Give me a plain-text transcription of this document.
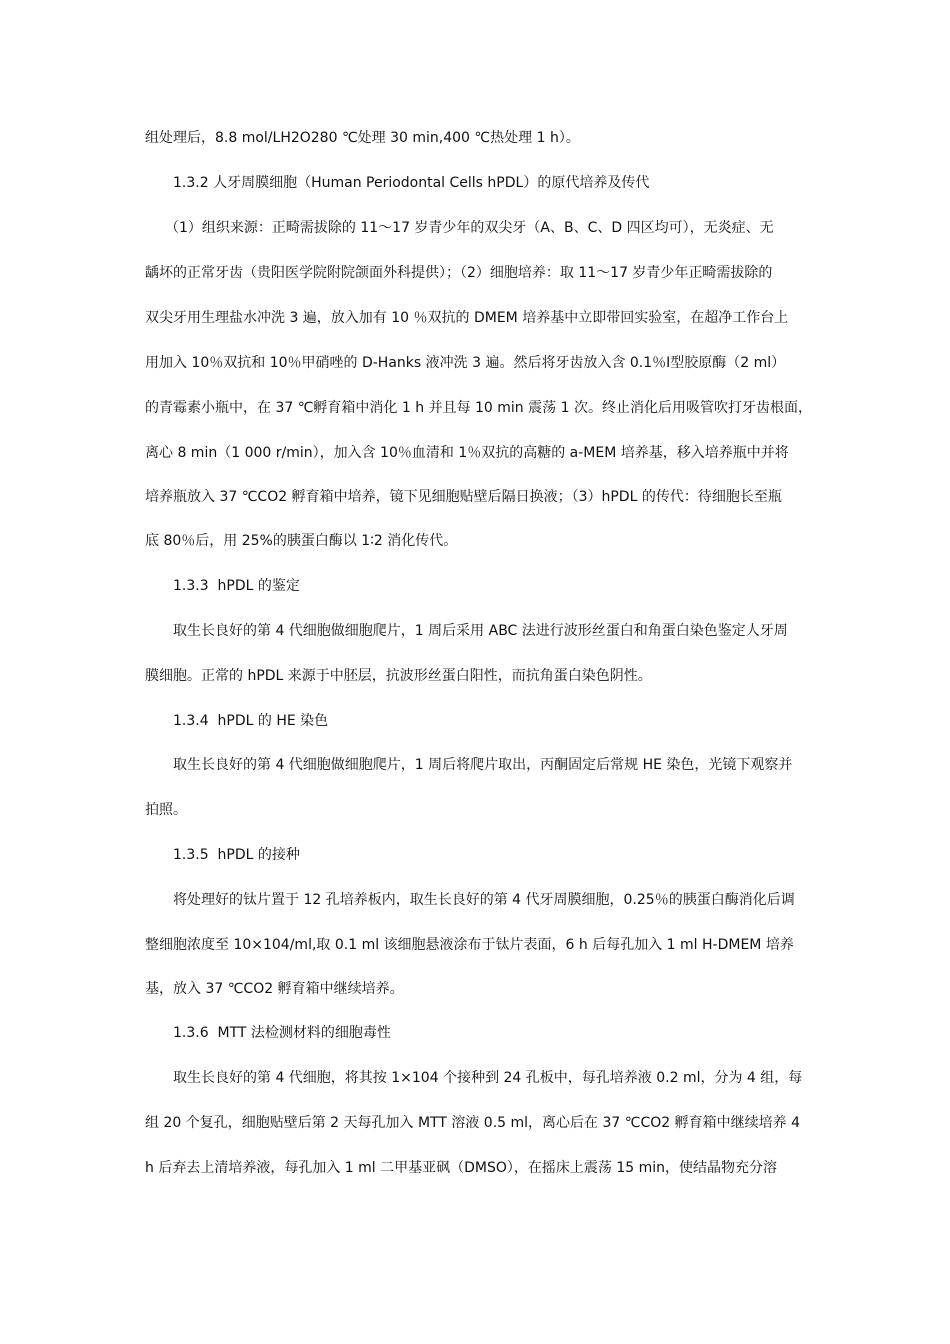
组处理后，8.8 mol/LH2O280 ℃处理 30 min,400 ℃热处理 1 h）。
1.3.2 人牙周膜细胞（Human Periodontal Cells hPDL）的原代培养及传代
（1）组织来源：正畸需拔除的 11～17 岁青少年的双尖牙（A、B、C、D 四区均可），无炎症、无
龋坏的正常牙齿（贵阳医学院附院颌面外科提供）；（2）细胞培养：取 11～17 岁青少年正畸需拔除的
双尖牙用生理盐水冲洗 3 遍，放入加有 10 ％双抗的 DMEM 培养基中立即带回实验室，在超净工作台上
用加入 10％双抗和 10％甲硝唑的 D-Hanks 液冲洗 3 遍。然后将牙齿放入含 0.1％Ⅰ型胶原酶（2 ml）
的青霉素小瓶中，在 37 ℃孵育箱中消化 1 h 并且每 10 min 震荡 1 次。终止消化后用吸管吹打牙齿根面，
离心 8 min（1 000 r/min），加入含 10％血清和 1％双抗的高糖的 a-MEM 培养基，移入培养瓶中并将
培养瓶放入 37 ℃CO2 孵育箱中培养，镜下见细胞贴壁后隔日换液；（3）hPDL 的传代：待细胞长至瓶
底 80％后，用 25%的胰蛋白酶以 1∶2 消化传代。
1.3.3  hPDL 的鉴定
取生长良好的第 4 代细胞做细胞爬片，1 周后采用 ABC 法进行波形丝蛋白和角蛋白染色鉴定人牙周
膜细胞。正常的 hPDL 来源于中胚层，抗波形丝蛋白阳性，而抗角蛋白染色阴性。
1.3.4  hPDL 的 HE 染色
取生长良好的第 4 代细胞做细胞爬片，1 周后将爬片取出，丙酮固定后常规 HE 染色，光镜下观察并
拍照。
1.3.5  hPDL 的接种
将处理好的钛片置于 12 孔培养板内，取生长良好的第 4 代牙周膜细胞，0.25％的胰蛋白酶消化后调
整细胞浓度至 10×104/ml,取 0.1 ml 该细胞悬液涂布于钛片表面，6 h 后每孔加入 1 ml H-DMEM 培养
基，放入 37 ℃CO2 孵育箱中继续培养。
1.3.6  MTT 法检测材料的细胞毒性
取生长良好的第 4 代细胞，将其按 1×104 个接种到 24 孔板中，每孔培养液 0.2 ml，分为 4 组，每
组 20 个复孔，细胞贴壁后第 2 天每孔加入 MTT 溶液 0.5 ml，离心后在 37 ℃CO2 孵育箱中继续培养 4
h 后弃去上清培养液，每孔加入 1 ml 二甲基亚砜（DMSO），在摇床上震荡 15 min，使结晶物充分溶
